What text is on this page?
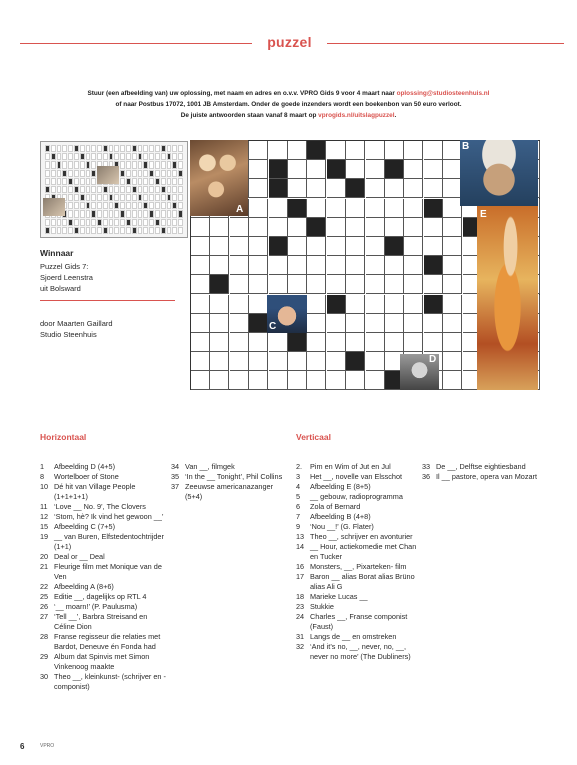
puzzel
Stuur (een afbeelding van) uw oplossing, met naam en adres en o.v.v. VPRO Gids 9 voor 4 maart naar oplossing@studiosteenhuis.nl
of naar Postbus 17072, 1001 JB Amsterdam. Onder de goede inzenders wordt een boekenbon van 50 euro verloot.
De juiste antwoorden staan vanaf 8 maart op vprogids.nl/uitslagpuzzel.
Winnaar
Puzzel Gids 7:
Sjoerd Leenstra
uit Bolsward
door Maarten Gaillard
Studio Steenhuis
A
B
C
D
E
Horizontaal	Verticaal
1	Afbeelding D (4+5)
8	Wortelboer of Stone
10 Dé hit van Village People (1+1+1+1)
11 ‘Love __ No. 9’, The Clovers
12 ‘Stom, hè? Ik vind het gewoon __’
15 Afbeelding C (7+5)
19 __ van Buren, Elfstedentochtrijder (1+1)
20 Deal or __ Deal
21 Fleurige film met Monique van de Ven
22 Afbeelding A (8+6)
25 Editie __, dagelijks op RTL 4
26 ‘__ moarn!’ (P. Paulusma)
27 ‘Tell __’, Barbra Streisand en Céline Dion
28 Franse regisseur die relaties met Bardot, Deneuve én Fonda had
29 Album dat Spinvis met Simon Vinkenoog maakte
30 Theo __, kleinkunst- (schrijver en -componist)
34 Van __, filmgek
35 ‘In the __ Tonight’, Phil Collins
37 Zeeuwse americanazanger (5+4)
2.	Pim en Wim of Jut en Jul
3	Het __, novelle van Elsschot
4	Afbeelding E (8+5)
5	__ gebouw, radioprogramma
6	Zola of Bernard
7	Afbeelding B (4+8)
9	‘Nou __!’ (G. Flater)
13 Theo __, schrijver en avonturier
14 __ Hour, actiekomedie met Chan en Tucker
16 Monsters, __, Pixarteken- film
17 Baron __ alias Borat alias Brüno alias Ali G
18 Marieke Lucas __
23 Stukkie
24 Charles __, Franse componist (Faust)
31 Langs de __ en omstreken
32 ‘And it’s no, __, never, no, __, never no more’ (The Dubliners)
33 De __, Delftse eightiesband
36 Il __ pastore, opera van Mozart
6	VPRO
